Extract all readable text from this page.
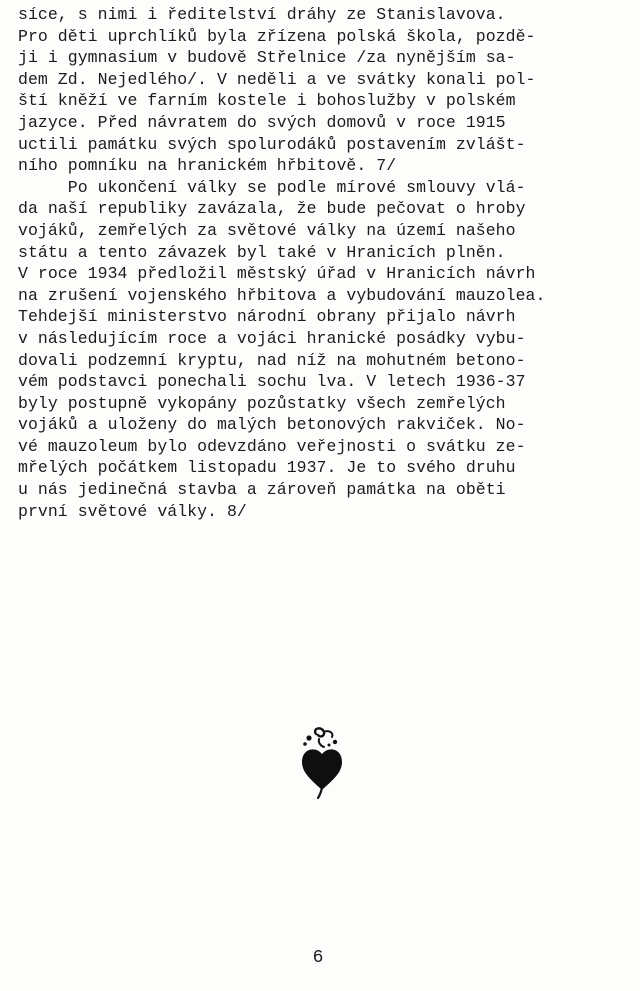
síce, s nimi i ředitelství dráhy ze Stanislavova.
Pro děti uprchlíků byla zřízena polská škola, pozdě-
ji i gymnasium v budově Střelnice /za nynějším sa-
dem Zd. Nejedlého/. V neděli a ve svátky konali pol-
ští kněží ve farním kostele i bohoslužby v polském
jazyce. Před návratem do svých domovů v roce 1915
uctili památku svých spolurodáků postavením zvlášt-
ního pomníku na hranickém hřbitově. 7/
Po ukončení války se podle mírové smlouvy vlá-
da naší republiky zavázala, že bude pečovat o hroby
vojáků, zemřelých za světové války na území našeho
státu a tento závazek byl také v Hranicích plněn.
V roce 1934 předložil městský úřad v Hranicích návrh
na zrušení vojenského hřbitova a vybudování mauzolea.
Tehdejší ministerstvo národní obrany přijalo návrh
v následujícím roce a vojáci hranické posádky vybu-
dovali podzemní kryptu, nad níž na mohutném betono-
vém podstavci ponechali sochu lva. V letech 1936-37
byly postupně vykopány pozůstatky všech zemřelých
vojáků a uloženy do malých betonových rakviček. No-
vé mauzoleum bylo odevzdáno veřejnosti o svátku ze-
mřelých počátkem listopadu 1937. Je to svého druhu
u nás jedinečná stavba a zároveň památka na oběti
první světové války. 8/
6
